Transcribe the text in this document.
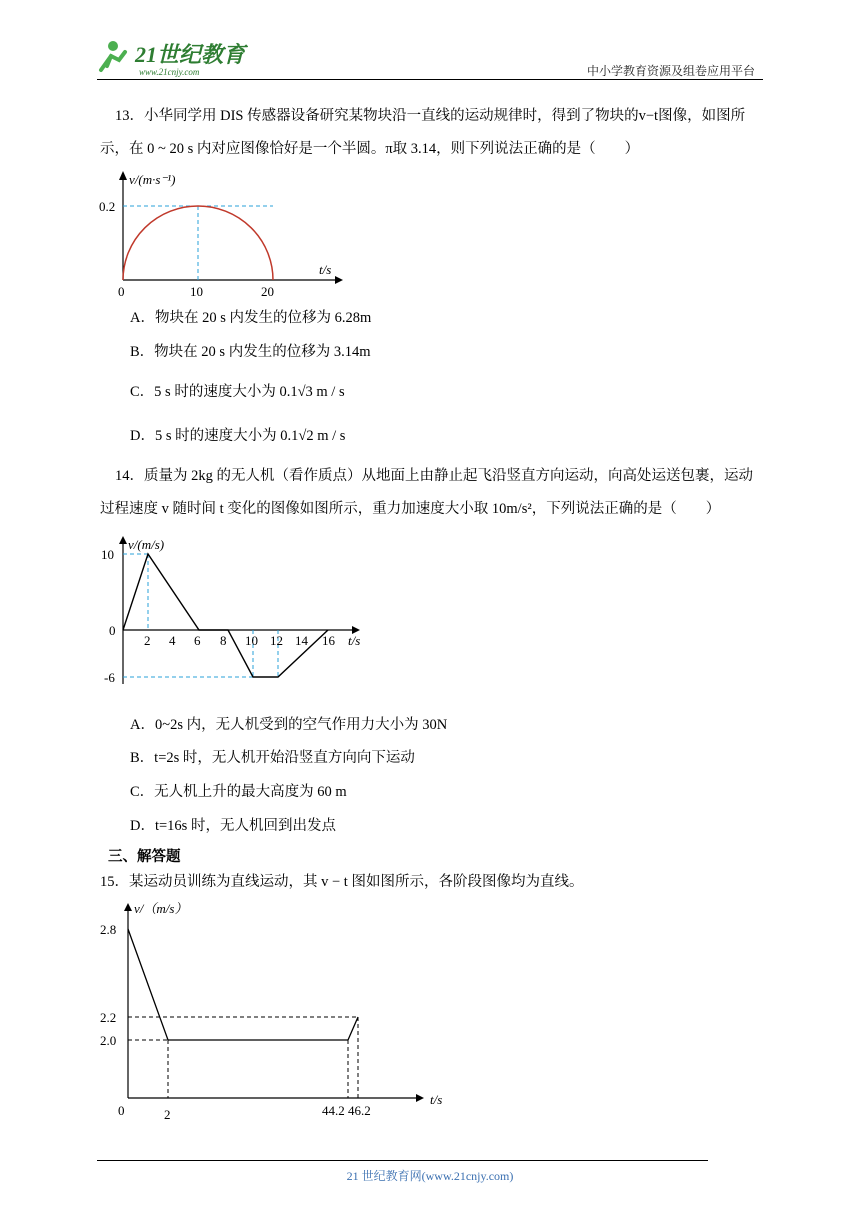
21世纪教育
www.21cnjy.com	中小学教育资源及组卷应用平台
13．小华同学用 DIS 传感器设备研究某物块沿一直线的运动规律时，得到了物块的v−t图像，如图所
示，在 0 ~ 20 s 内对应图像恰好是一个半圆。π取 3.14，则下列说法正确的是（　　）
v/(m·s⁻¹)
t/s
0.2
0	10	20
A．物块在 20 s 内发生的位移为 6.28m
B．物块在 20 s 内发生的位移为 3.14m
C．5 s 时的速度大小为 0.1√3 m / s
D．5 s 时的速度大小为 0.1√2 m / s
14．质量为 2kg 的无人机（看作质点）从地面上由静止起飞沿竖直方向运动，向高处运送包裹，运动
过程速度 v 随时间 t 变化的图像如图所示，重力加速度大小取 10m/s²，下列说法正确的是（　　）
v/(m/s)
t/s
10
0
-6
2 4 6 8 10 12 14 16
A．0~2s 内，无人机受到的空气作用力大小为 30N
B．t=2s 时，无人机开始沿竖直方向向下运动
C．无人机上升的最大高度为 60 m
D．t=16s 时，无人机回到出发点
三、解答题
15．某运动员训练为直线运动，其 v − t 图如图所示，各阶段图像均为直线。
v/（m/s）
t/s
2.8
2.2
2.0
0	2	44.2 46.2
21 世纪教育网(www.21cnjy.com)
